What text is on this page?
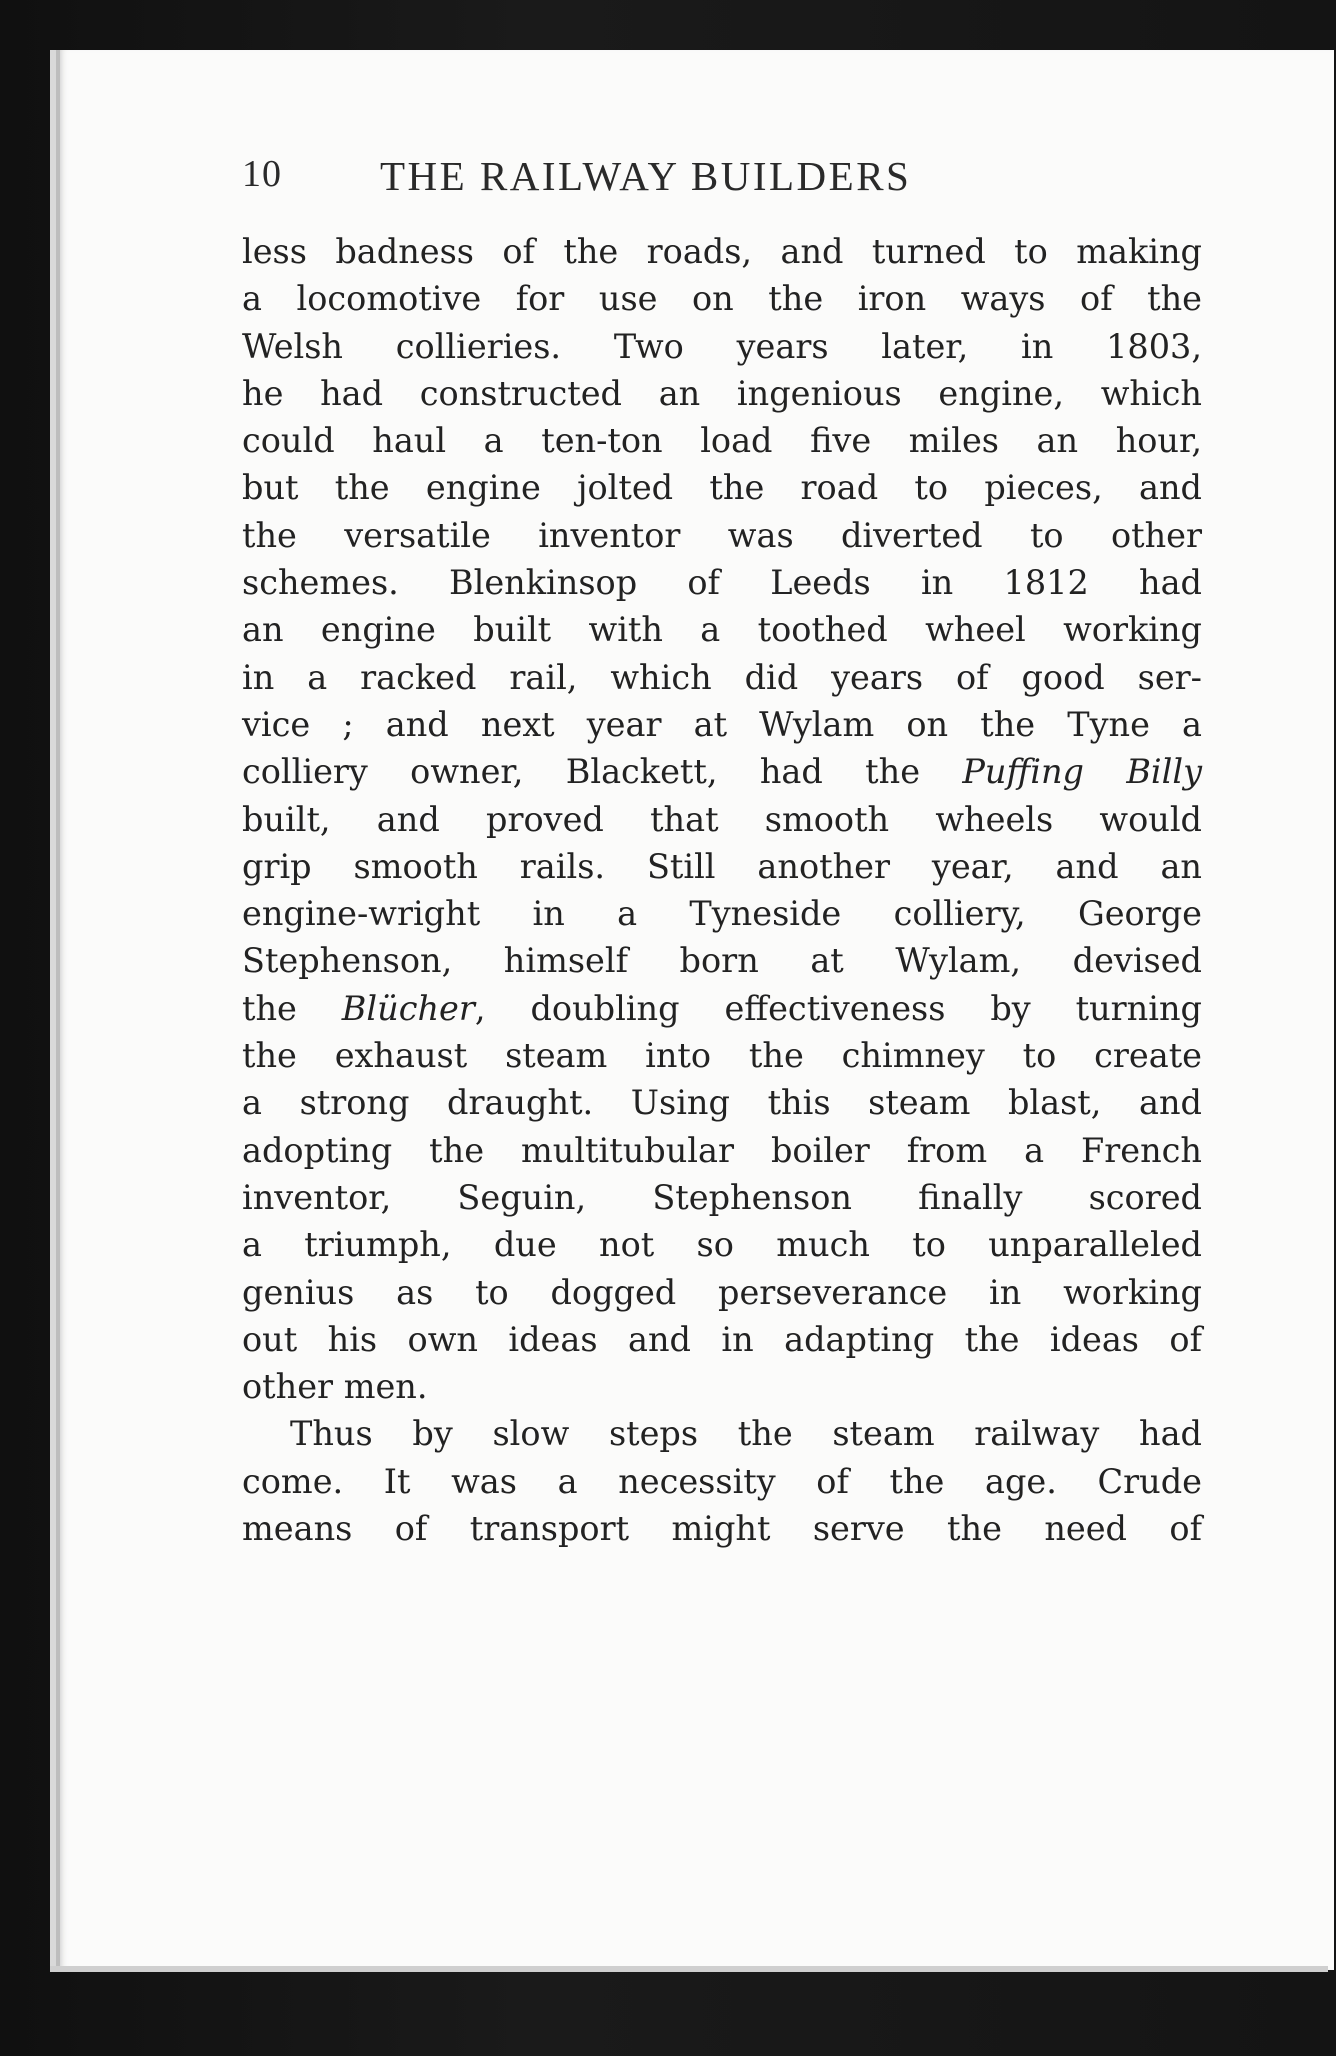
10 THE RAILWAY BUILDERS
less badness of the roads, and turned to making
a locomotive for use on the iron ways of the
Welsh collieries. Two years later, in 1803,
he had constructed an ingenious engine, which
could haul a ten-ton load five miles an hour,
but the engine jolted the road to pieces, and
the versatile inventor was diverted to other
schemes. Blenkinsop of Leeds in 1812 had
an engine built with a toothed wheel working
in a racked rail, which did years of good ser-
vice ; and next year at Wylam on the Tyne a
colliery owner, Blackett, had the Puffing Billy
built, and proved that smooth wheels would
grip smooth rails. Still another year, and an
engine-wright in a Tyneside colliery, George
Stephenson, himself born at Wylam, devised
the Blücher, doubling effectiveness by turning
the exhaust steam into the chimney to create
a strong draught. Using this steam blast, and
adopting the multitubular boiler from a French
inventor, Seguin, Stephenson finally scored
a triumph, due not so much to unparalleled
genius as to dogged perseverance in working
out his own ideas and in adapting the ideas of
other men.
Thus by slow steps the steam railway had
come. It was a necessity of the age. Crude
means of transport might serve the need of
